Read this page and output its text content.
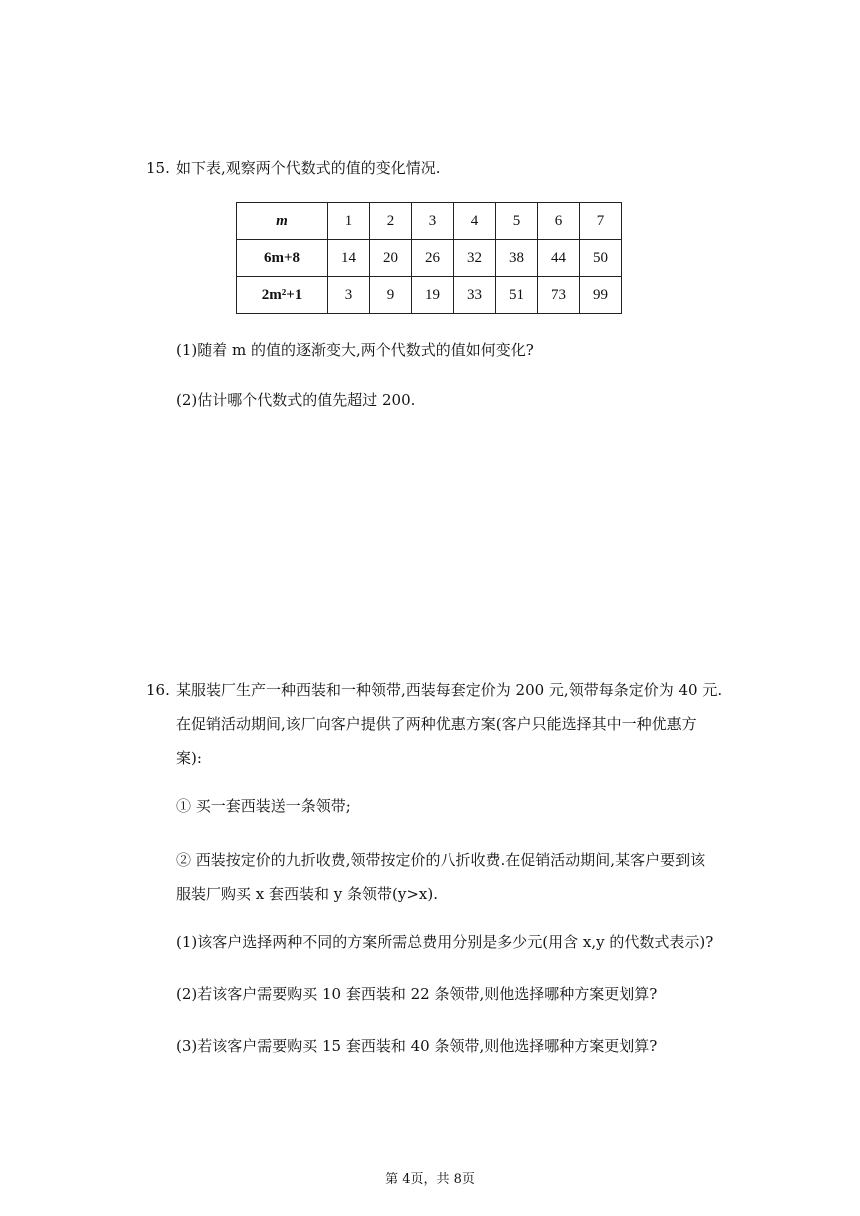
15. 如下表,观察两个代数式的值的变化情况.
m	1	2	3	4	5	6	7
6m+8	14	20	26	32	38	44	50
2m²+1	3	9	19	33	51	73	99
(1)随着 m 的值的逐渐变大,两个代数式的值如何变化?
(2)估计哪个代数式的值先超过 200.
16. 某服装厂生产一种西装和一种领带,西装每套定价为 200 元,领带每条定价为 40 元.
在促销活动期间,该厂向客户提供了两种优惠方案(客户只能选择其中一种优惠方
案):
① 买一套西装送一条领带;
② 西装按定价的九折收费,领带按定价的八折收费.在促销活动期间,某客户要到该
服装厂购买 x 套西装和 y 条领带(y>x).
(1)该客户选择两种不同的方案所需总费用分别是多少元(用含 x,y 的代数式表示)?
(2)若该客户需要购买 10 套西装和 22 条领带,则他选择哪种方案更划算?
(3)若该客户需要购买 15 套西装和 40 条领带,则他选择哪种方案更划算?
第 4页，共 8页
